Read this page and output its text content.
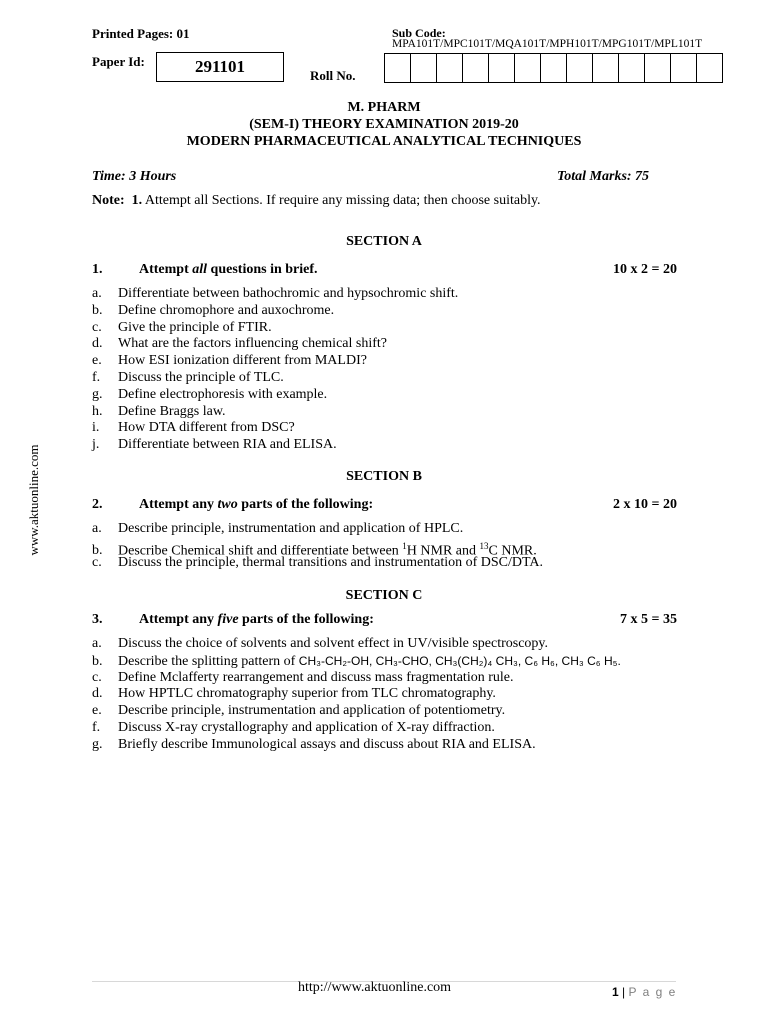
Printed Pages: 01
Paper Id:	291101	Roll No.
Sub Code:
MPA101T/MPC101T/MQA101T/MPH101T/MPG101T/MPL101T
M. PHARM
(SEM-I) THEORY EXAMINATION 2019-20
MODERN PHARMACEUTICAL ANALYTICAL TECHNIQUES
Time: 3 Hours	Total Marks: 75
Note: 1. Attempt all Sections. If require any missing data; then choose suitably.
SECTION A
1.	Attempt all questions in brief.	10 x 2 = 20
a. Differentiate between bathochromic and hypsochromic shift.
b. Define chromophore and auxochrome.
c. Give the principle of FTIR.
d. What are the factors influencing chemical shift?
e. How ESI ionization different from MALDI?
f. Discuss the principle of TLC.
g. Define electrophoresis with example.
h. Define Braggs law.
i. How DTA different from DSC?
j. Differentiate between RIA and ELISA.
SECTION B
2.	Attempt any two parts of the following:	2 x 10 = 20
a. Describe principle, instrumentation and application of HPLC.
b. Describe Chemical shift and differentiate between $^1$H NMR and $^{13}$C NMR.
c. Discuss the principle, thermal transitions and instrumentation of DSC/DTA.
SECTION C
3.	Attempt any five parts of the following:	7 x 5 = 35
a. Discuss the choice of solvents and solvent effect in UV/visible spectroscopy.
b. Describe the splitting pattern of CH₃-CH₂-OH, CH₃-CHO, CH₃(CH₂)₄ CH₃, C₆ H₆, CH₃ C₆ H₅.
c. Define Mclafferty rearrangement and discuss mass fragmentation rule.
d. How HPTLC chromatography superior from TLC chromatography.
e. Describe principle, instrumentation and application of potentiometry.
f. Discuss X-ray crystallography and application of X-ray diffraction.
g. Briefly describe Immunological assays and discuss about RIA and ELISA.
www.aktuonline.com
http://www.aktuonline.com	1 | P a g e
